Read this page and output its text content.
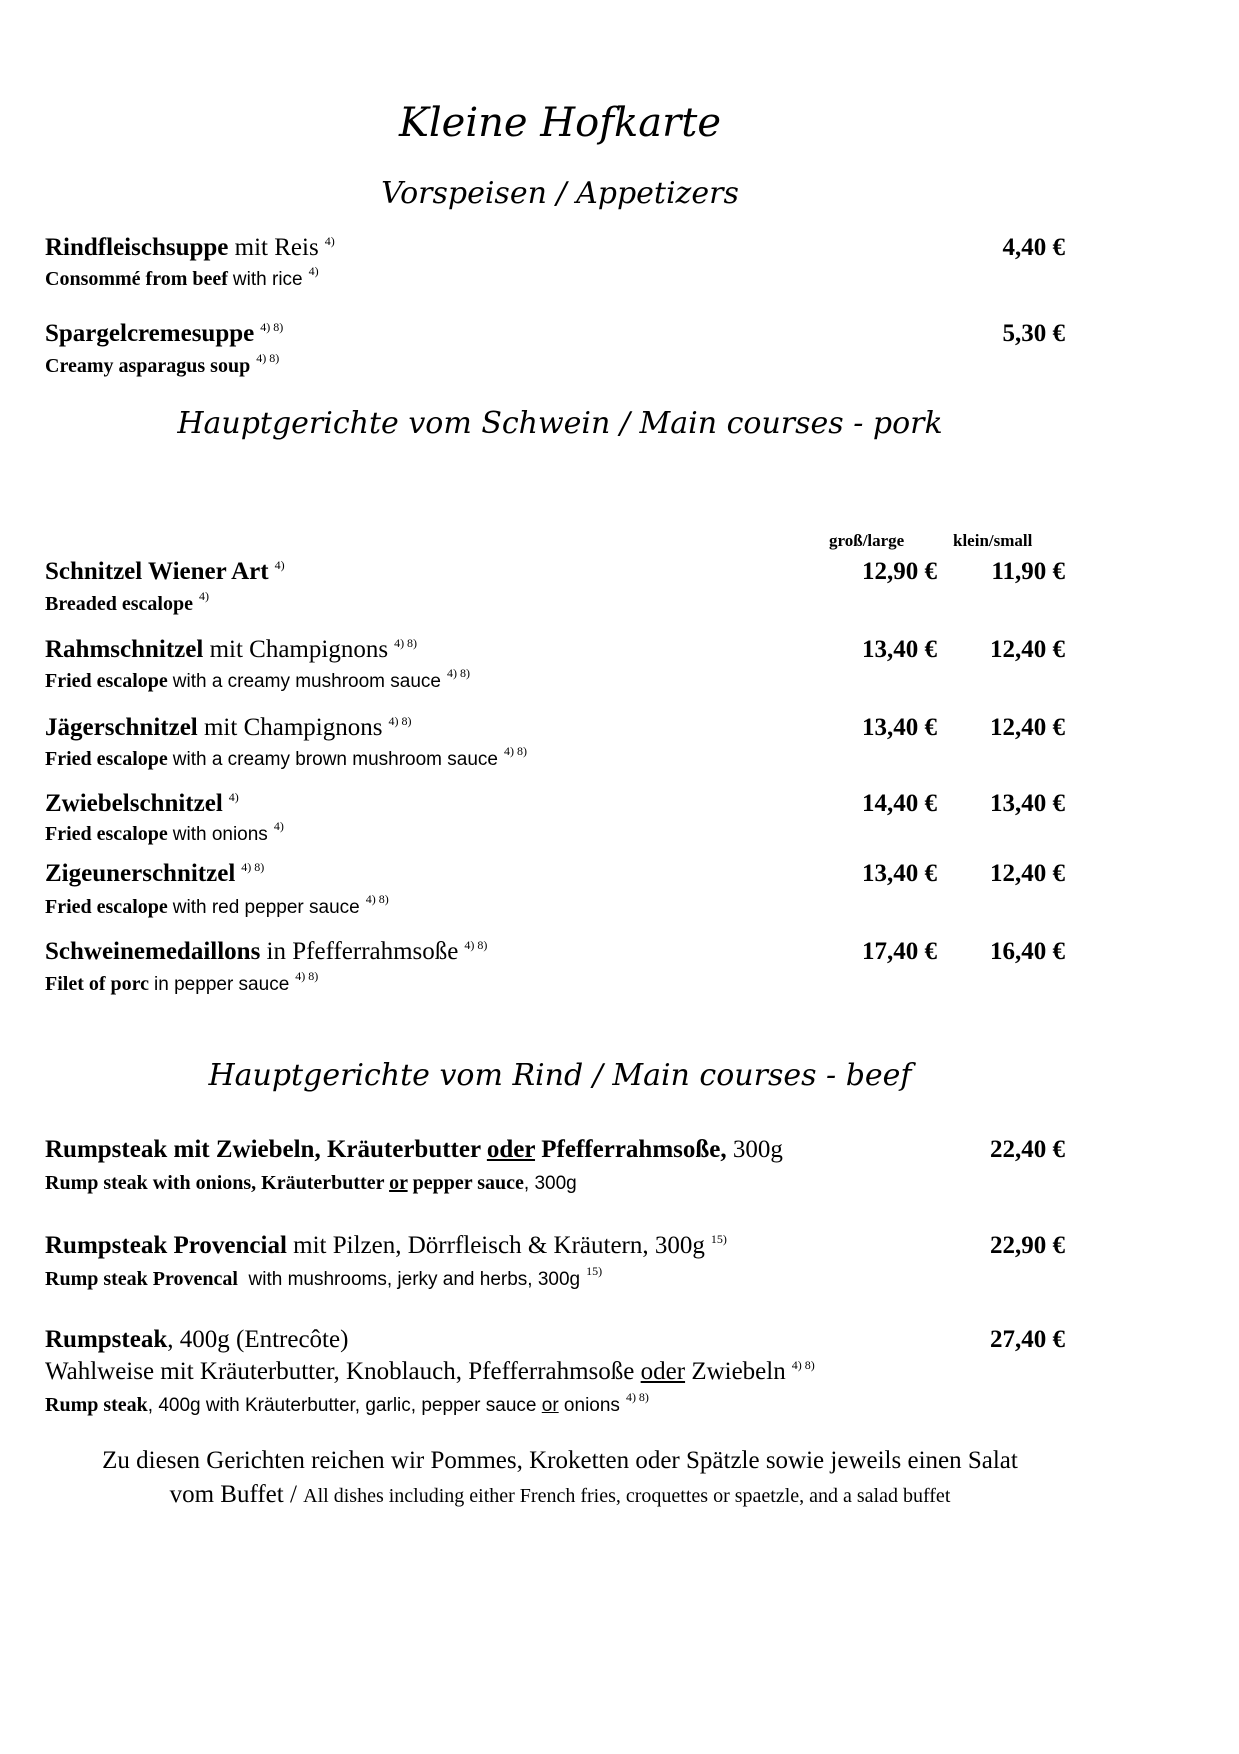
Kleine Hofkarte
Vorspeisen / Appetizers
Rindfleischsuppe mit Reis $^{4)}$
Consommé from beef with rice $^{4)}$
4,40 €
Spargelcremesuppe $^{4) 8)}$
Creamy asparagus soup $^{4) 8)}$
5,30 €
Hauptgerichte vom Schwein / Main courses - pork
groß/large	klein/small
Schnitzel Wiener Art $^{4)}$
Breaded escalope $^{4)}$
12,90 €	11,90 €
Rahmschnitzel mit Champignons $^{4) 8)}$
Fried escalope with a creamy mushroom sauce $^{4) 8)}$
13,40 €	12,40 €
Jägerschnitzel mit Champignons $^{4) 8)}$
Fried escalope with a creamy brown mushroom sauce $^{4) 8)}$
13,40 €	12,40 €
Zwiebelschnitzel $^{4)}$
Fried escalope with onions $^{4)}$
14,40 €	13,40 €
Zigeunerschnitzel $^{4) 8)}$
Fried escalope with red pepper sauce $^{4) 8)}$
13,40 €	12,40 €
Schweinemedaillons in Pfefferrahmsoße $^{4) 8)}$
Filet of porc in pepper sauce $^{4) 8)}$
17,40 €	16,40 €
Hauptgerichte vom Rind / Main courses - beef
Rumpsteak mit Zwiebeln, Kräuterbutter oder Pfefferrahmsoße, 300g
Rump steak with onions, Kräuterbutter or pepper sauce, 300g
22,40 €
Rumpsteak Provencial mit Pilzen, Dörrfleisch & Kräutern, 300g $^{15)}$
Rump steak Provencal  with mushrooms, jerky and herbs, 300g $^{15)}$
22,90 €
Rumpsteak, 400g (Entrecôte)
Wahlweise mit Kräuterbutter, Knoblauch, Pfefferrahmsoße oder Zwiebeln $^{4) 8)}$
Rump steak, 400g with Kräuterbutter, garlic, pepper sauce or onions $^{4) 8)}$
27,40 €
Zu diesen Gerichten reichen wir Pommes, Kroketten oder Spätzle sowie jeweils einen Salat
vom Buffet / All dishes including either French fries, croquettes or spaetzle, and a salad buffet
